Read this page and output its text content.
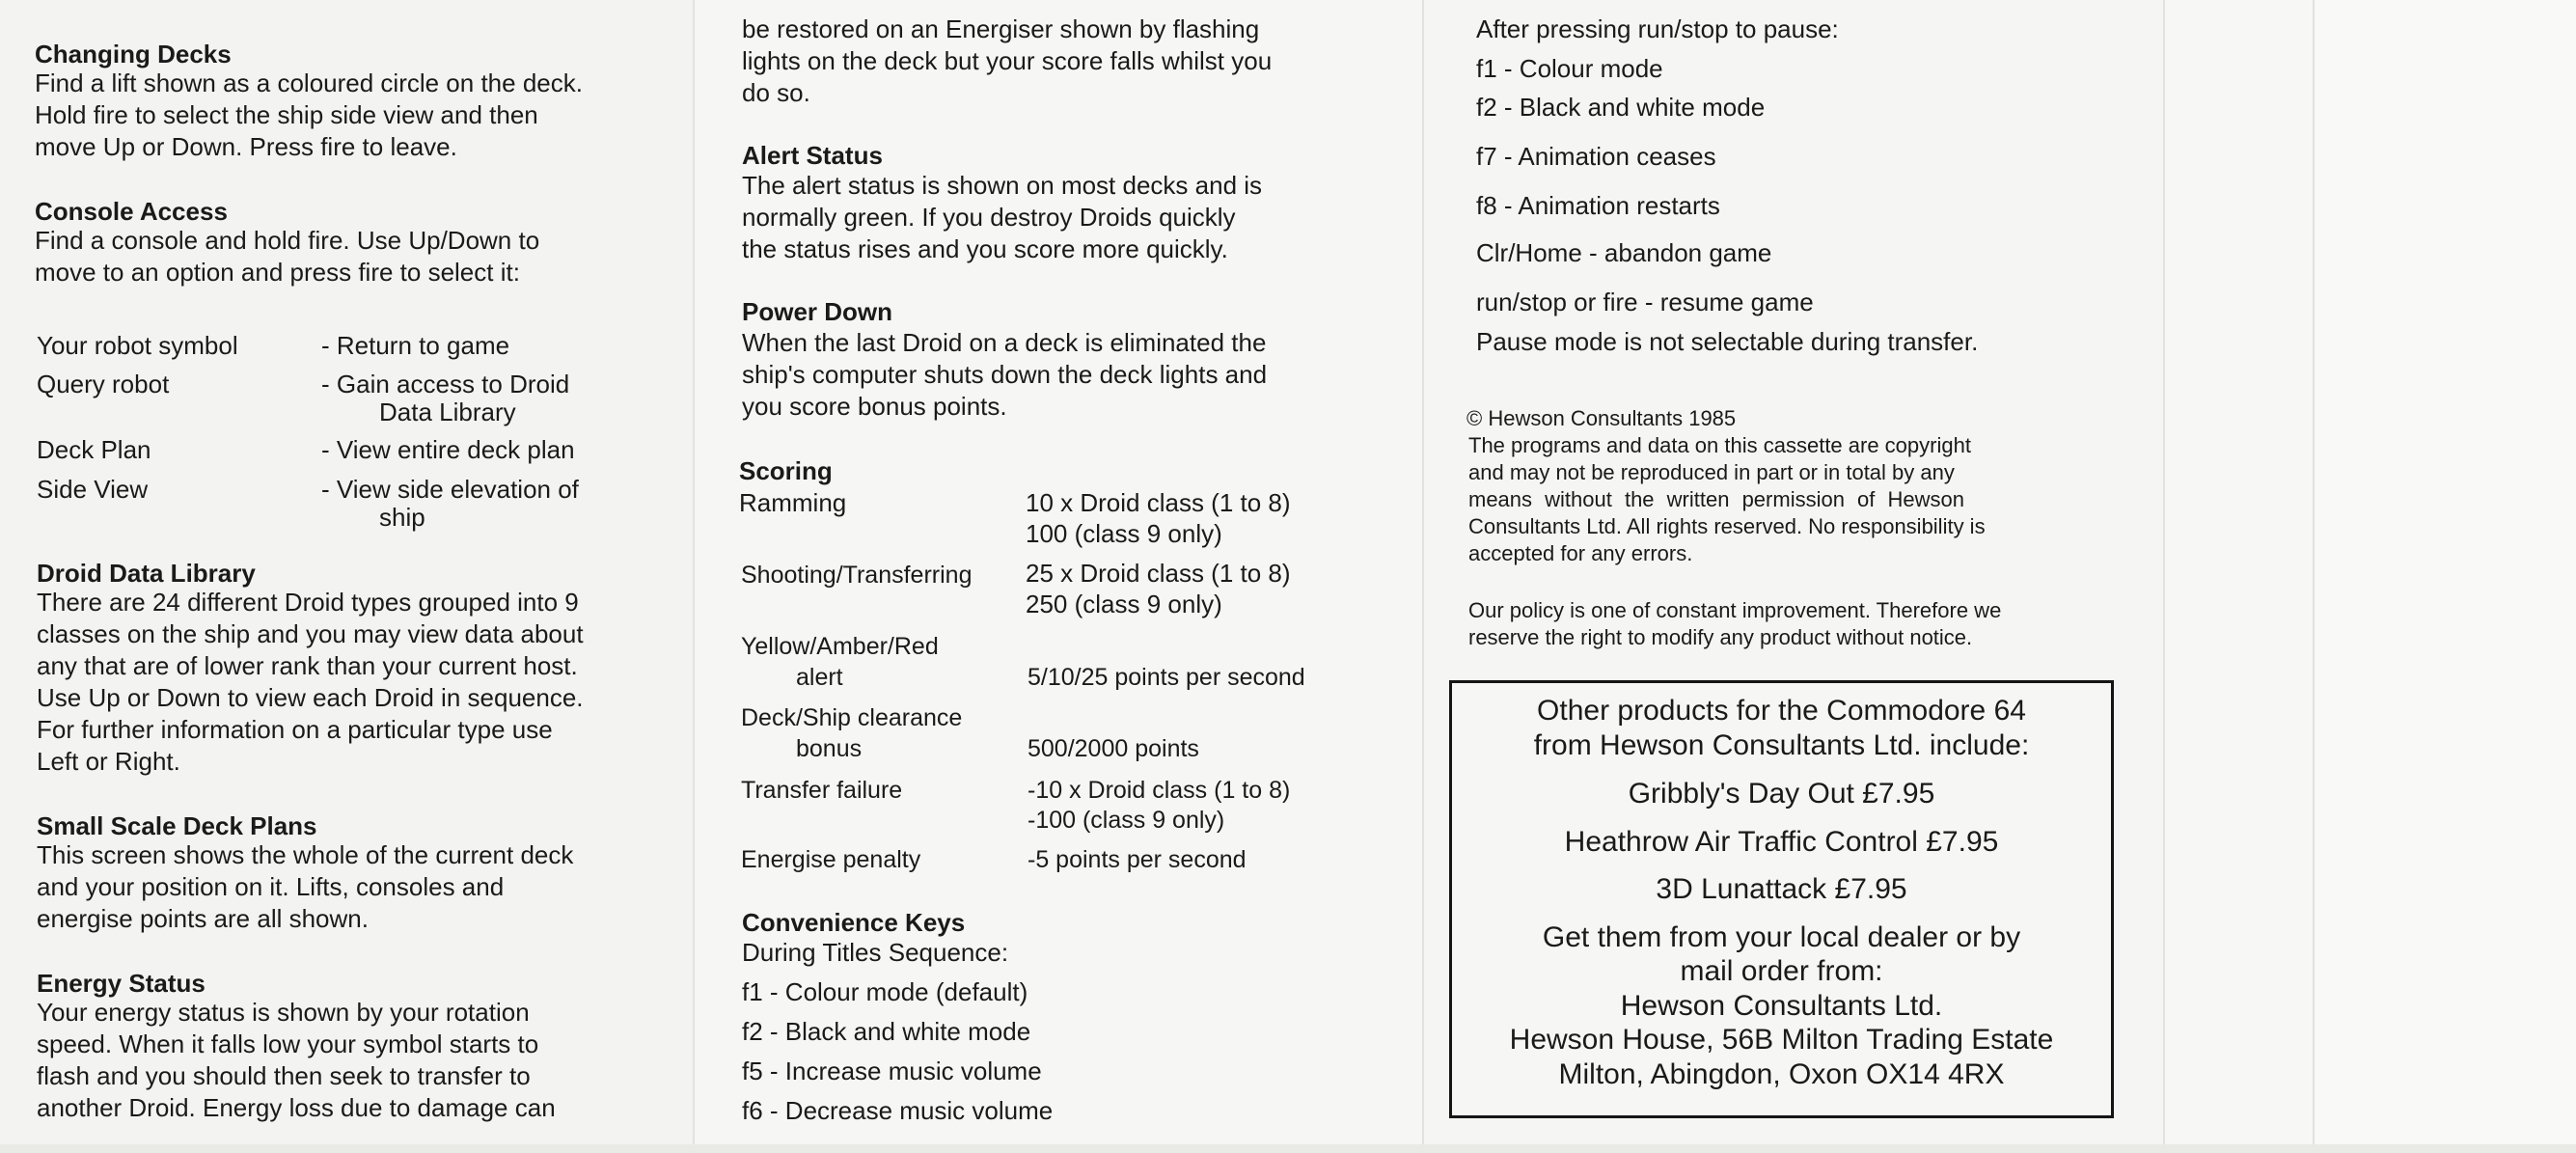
Changing Decks
Find a lift shown as a coloured circle on the deck.
Hold fire to select the ship side view and then
move Up or Down. Press fire to leave.
Console Access
Find a console and hold fire. Use Up/Down to
move to an option and press fire to select it:
Your robot symbol	- Return to game
Query robot	- Gain access to Droid
Data Library
Deck Plan	- View entire deck plan
Side View	- View side elevation of
ship
Droid Data Library
There are 24 different Droid types grouped into 9
classes on the ship and you may view data about
any that are of lower rank than your current host.
Use Up or Down to view each Droid in sequence.
For further information on a particular type use
Left or Right.
Small Scale Deck Plans
This screen shows the whole of the current deck
and your position on it. Lifts, consoles and
energise points are all shown.
Energy Status
Your energy status is shown by your rotation
speed. When it falls low your symbol starts to
flash and you should then seek to transfer to
another Droid. Energy loss due to damage can
be restored on an Energiser shown by flashing
lights on the deck but your score falls whilst you
do so.
Alert Status
The alert status is shown on most decks and is
normally green. If you destroy Droids quickly
the status rises and you score more quickly.
Power Down
When the last Droid on a deck is eliminated the
ship's computer shuts down the deck lights and
you score bonus points.
Scoring
Ramming	10 x Droid class (1 to 8)
100 (class 9 only)
Shooting/Transferring 25 x Droid class (1 to 8)
250 (class 9 only)
Yellow/Amber/Red
alert	5/10/25 points per second
Deck/Ship clearance
bonus	500/2000 points
Transfer failure	-10 x Droid class (1 to 8)
-100 (class 9 only)
Energise penalty	-5 points per second
Convenience Keys
During Titles Sequence:
f1 - Colour mode (default)
f2 - Black and white mode
f5 - Increase music volume
f6 - Decrease music volume
After pressing run/stop to pause:
f1 - Colour mode
f2 - Black and white mode
f7 - Animation ceases
f8 - Animation restarts
Clr/Home - abandon game
run/stop or fire - resume game
Pause mode is not selectable during transfer.
© Hewson Consultants 1985
The programs and data on this cassette are copyright
and may not be reproduced in part or in total by any
means without the written permission of Hewson
Consultants Ltd. All rights reserved. No responsibility is
accepted for any errors.
Our policy is one of constant improvement. Therefore we
reserve the right to modify any product without notice.
Other products for the Commodore 64
from Hewson Consultants Ltd. include:
Gribbly's Day Out £7.95
Heathrow Air Traffic Control £7.95
3D Lunattack £7.95
Get them from your local dealer or by
mail order from:
Hewson Consultants Ltd.
Hewson House, 56B Milton Trading Estate
Milton, Abingdon, Oxon OX14 4RX
